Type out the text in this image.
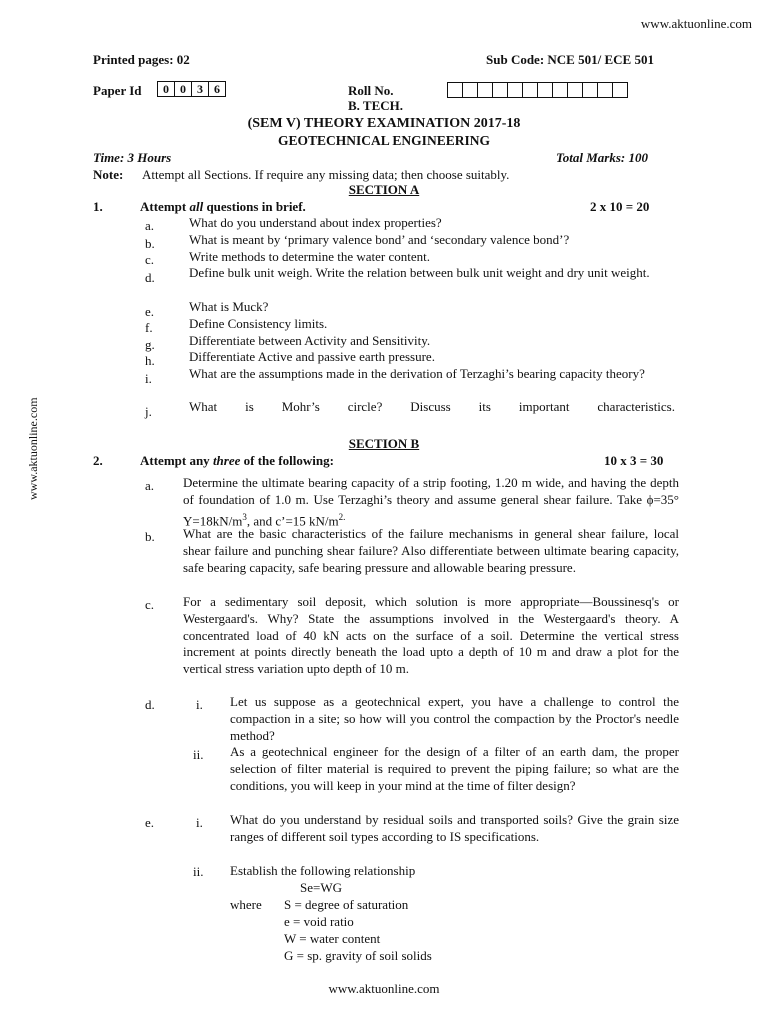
www.aktuonline.com
Printed pages: 02	Sub Code: NCE 501/ ECE 501
Paper Id	0 0 3 6	Roll No.
B. TECH.
(SEM V) THEORY EXAMINATION 2017-18
GEOTECHNICAL ENGINEERING
Time: 3 Hours	Total Marks: 100
Note: Attempt all Sections. If require any missing data; then choose suitably.
www.aktuonline.com
SECTION A
1.	Attempt all questions in brief.	2 x 10 = 20
a.	What do you understand about index properties?
b.	What is meant by ‘primary valence bond’ and ‘secondary valence bond’?
c.	Write methods to determine the water content.
d.	Define bulk unit weigh. Write the relation between bulk unit weight and dry unit weight.
e.	What is Muck?
f.	Define Consistency limits.
g.	Differentiate between Activity and Sensitivity.
h.	Differentiate Active and passive earth pressure.
i.	What are the assumptions made in the derivation of Terzaghi’s bearing capacity theory?
j.	What is Mohr’s circle? Discuss its important characteristics.
SECTION B
2.	Attempt any three of the following:	10 x 3 = 30
a. Determine the ultimate bearing capacity of a strip footing, 1.20 m wide, and having the depth of foundation of 1.0 m. Use Terzaghi’s theory and assume general shear failure. Take ϕ=35° $\Upsilon=18kN/m^3$, and c’=15 $kN/m^{2.}$
b. What are the basic characteristics of the failure mechanisms in general shear failure, local shear failure and punching shear failure? Also differentiate between ultimate bearing capacity, safe bearing capacity, safe bearing pressure and allowable bearing pressure.
c. For a sedimentary soil deposit, which solution is more appropriate—Boussinesq's or Westergaard's. Why? State the assumptions involved in the Westergaard's theory. A concentrated load of 40 kN acts on the surface of a soil. Determine the vertical stress increment at points directly beneath the load upto a depth of 10 m and draw a plot for the vertical stress variation upto depth of 10 m.
d.	i. Let us suppose as a geotechnical expert, you have a challenge to control the compaction in a site; so how will you control the compaction by the Proctor's needle method?
ii. As a geotechnical engineer for the design of a filter of an earth dam, the proper selection of filter material is required to prevent the piping failure; so what are the conditions, you will keep in your mind at the time of filter design?
e.	i. What do you understand by residual soils and transported soils? Give the grain size ranges of different soil types according to IS specifications.
ii. Establish the following relationship
Se=WG
where S = degree of saturation
e = void ratio
W = water content
G = sp. gravity of soil solids
www.aktuonline.com
